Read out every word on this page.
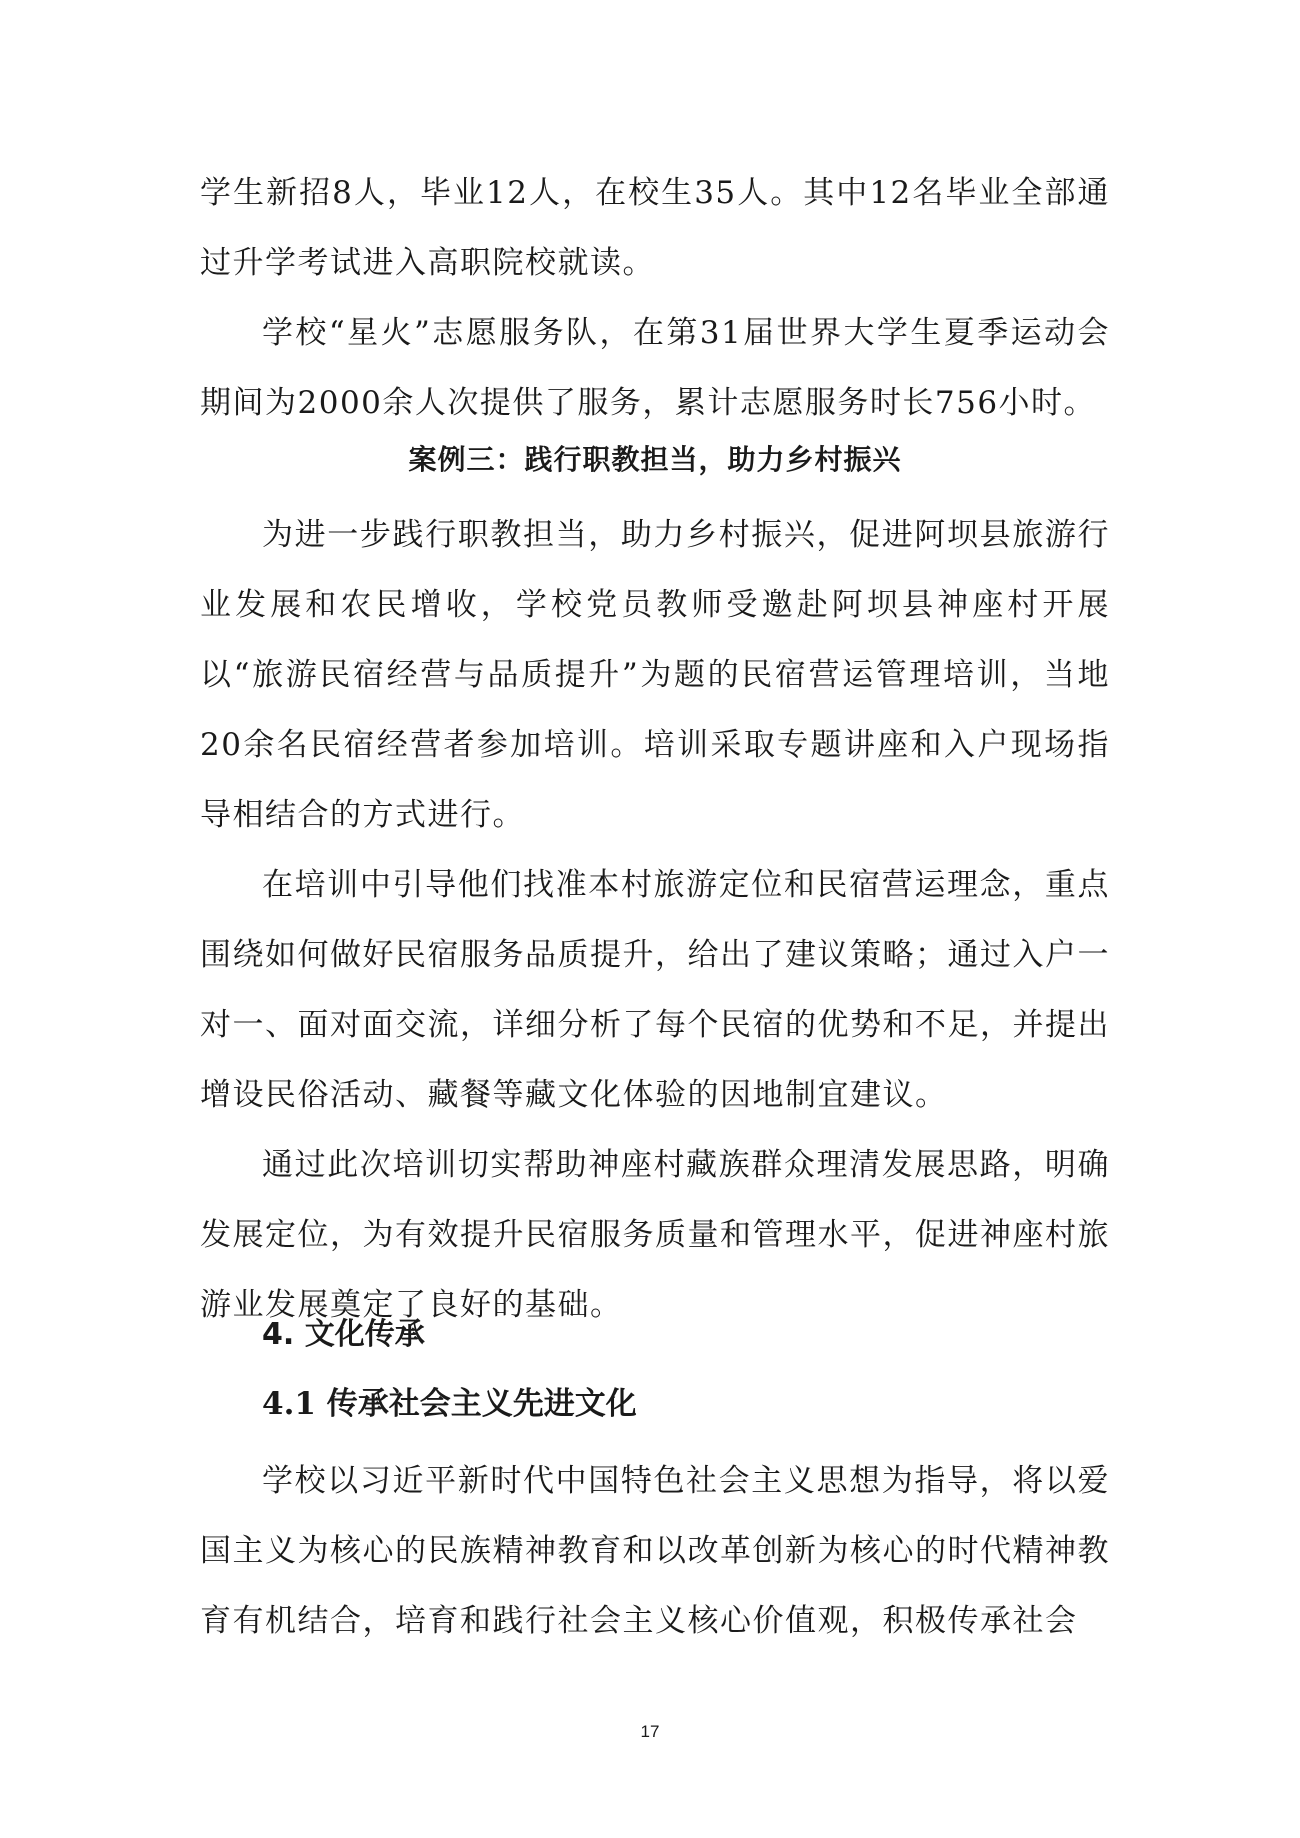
学生新招8人，毕业12人，在校生35人。其中12名毕业全部通过升学考试进入高职院校就读。

学校“星火”志愿服务队，在第31届世界大学生夏季运动会期间为2000余人次提供了服务，累计志愿服务时长756小时。

案例三：践行职教担当，助力乡村振兴

为进一步践行职教担当，助力乡村振兴，促进阿坝县旅游行业发展和农民增收，学校党员教师受邀赴阿坝县神座村开展以“旅游民宿经营与品质提升”为题的民宿营运管理培训，当地20余名民宿经营者参加培训。培训采取专题讲座和入户现场指导相结合的方式进行。

在培训中引导他们找准本村旅游定位和民宿营运理念，重点围绕如何做好民宿服务品质提升，给出了建议策略；通过入户一对一、面对面交流，详细分析了每个民宿的优势和不足，并提出增设民俗活动、藏餐等藏文化体验的因地制宜建议。

通过此次培训切实帮助神座村藏族群众理清发展思路，明确发展定位，为有效提升民宿服务质量和管理水平，促进神座村旅游业发展奠定了良好的基础。

4. 文化传承
4.1 传承社会主义先进文化

学校以习近平新时代中国特色社会主义思想为指导，将以爱国主义为核心的民族精神教育和以改革创新为核心的时代精神教育有机结合，培育和践行社会主义核心价值观，积极传承社会

17
